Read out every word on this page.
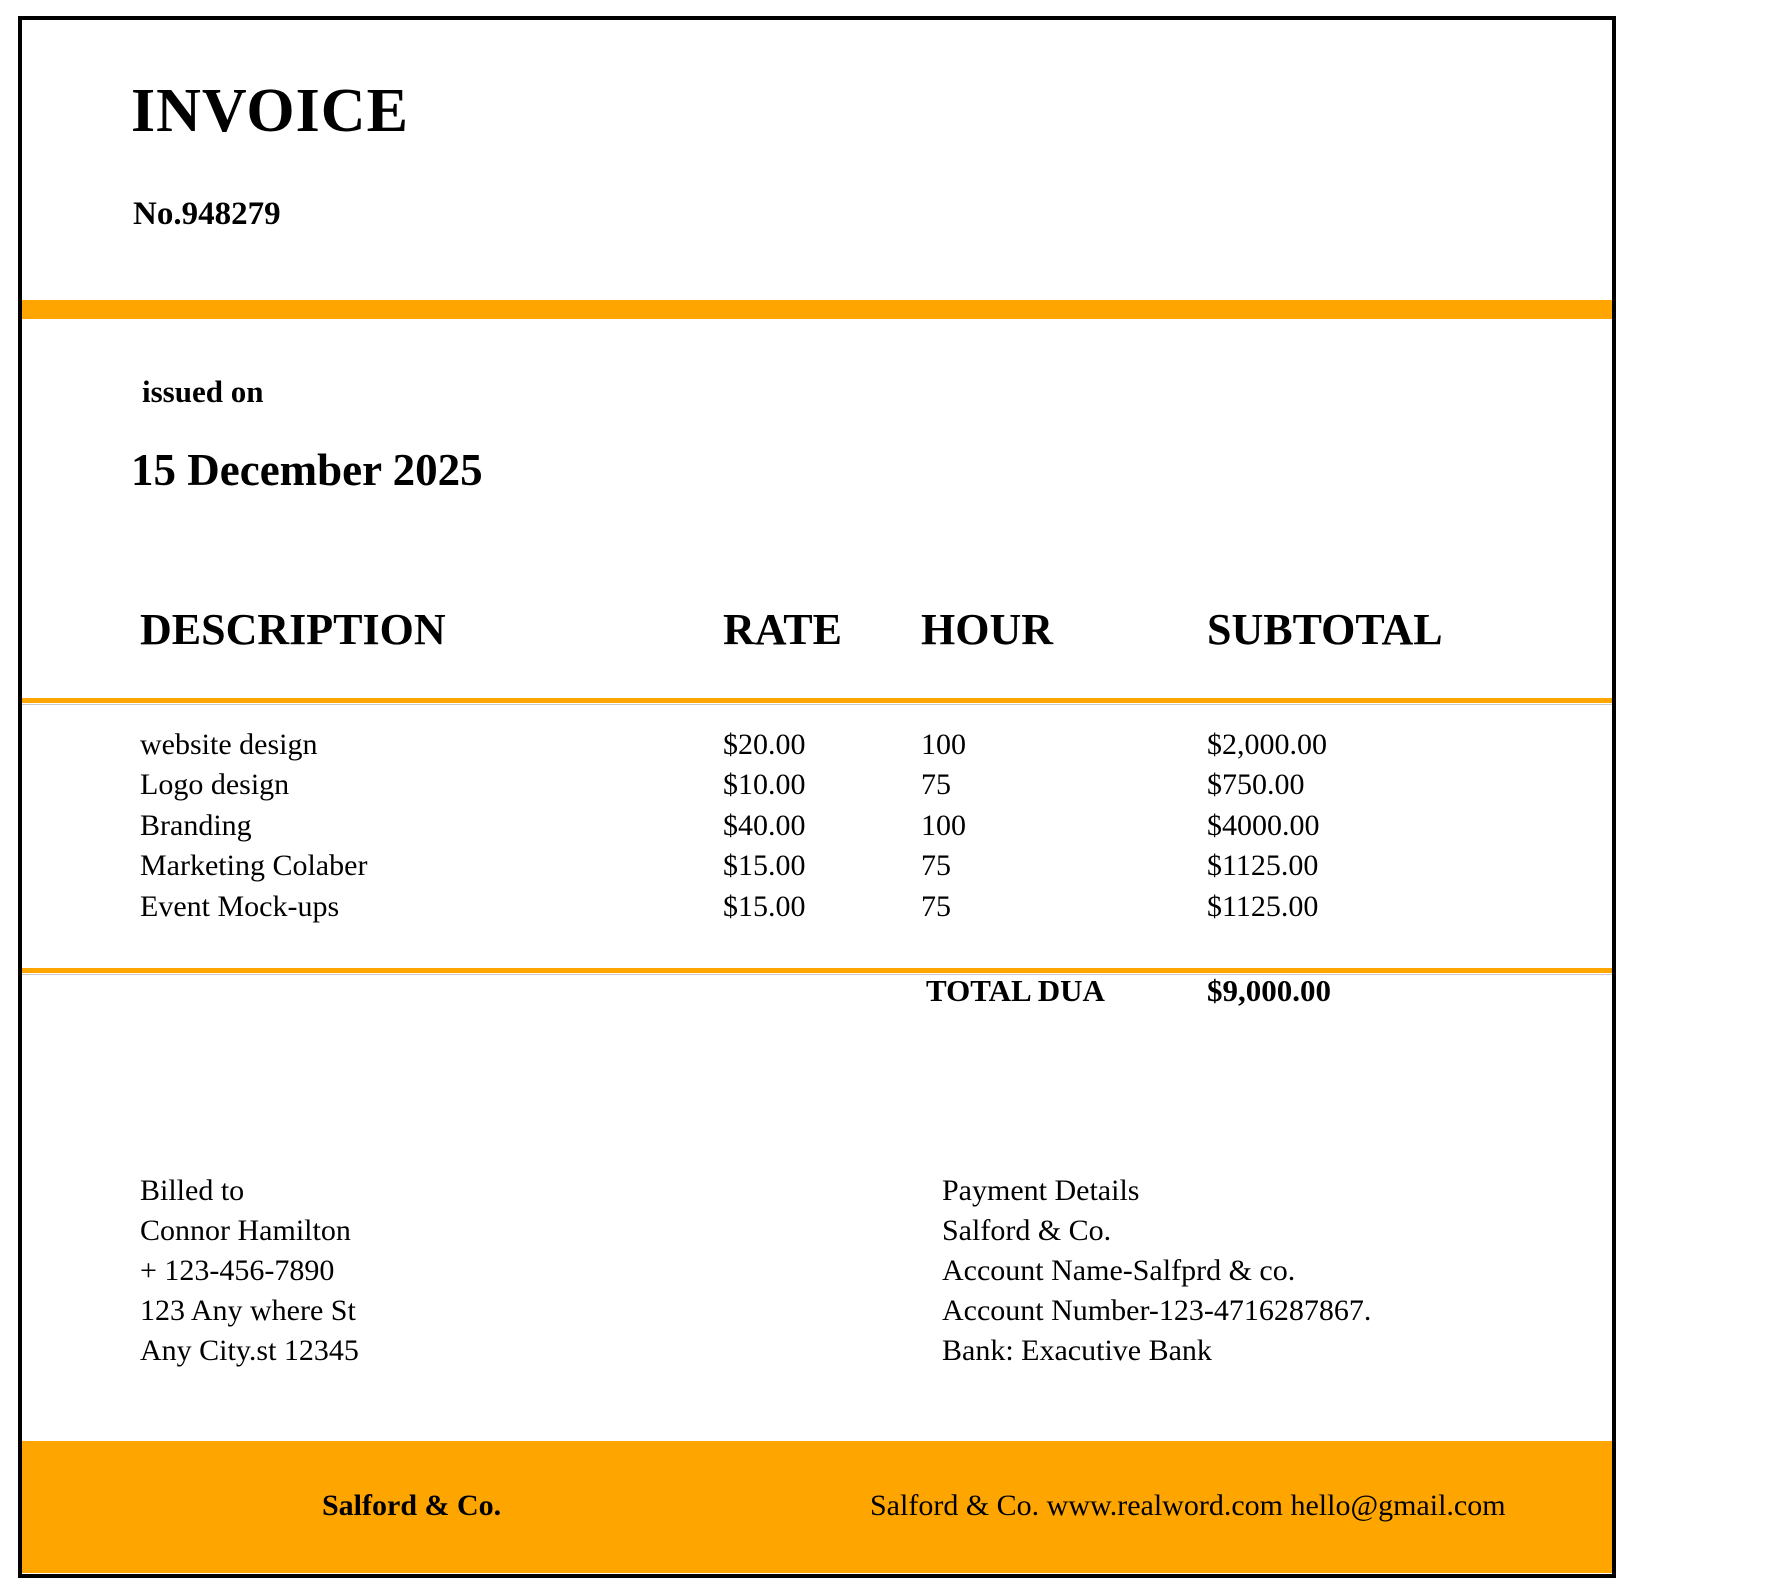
INVOICE
No.948279
issued on
15 December 2025
DESCRIPTION	RATE HOUR	SUBTOTAL
website design	$20.00	100	$2,000.00
Logo design	$10.00	75	$750.00
Branding	$40.00	100	$4000.00
Marketing Colaber	$15.00	75	$1125.00
Event Mock-ups	$15.00	75	$1125.00
TOTAL DUA	$9,000.00
Billed to
Connor Hamilton
+ 123-456-7890
123 Any where St
Any City.st 12345
Payment Details
Salford & Co.
Account Name-Salfprd & co.
Account Number-123-4716287867.
Bank: Exacutive Bank
Salford & Co.	Salford & Co. www.realword.com hello@gmail.com
